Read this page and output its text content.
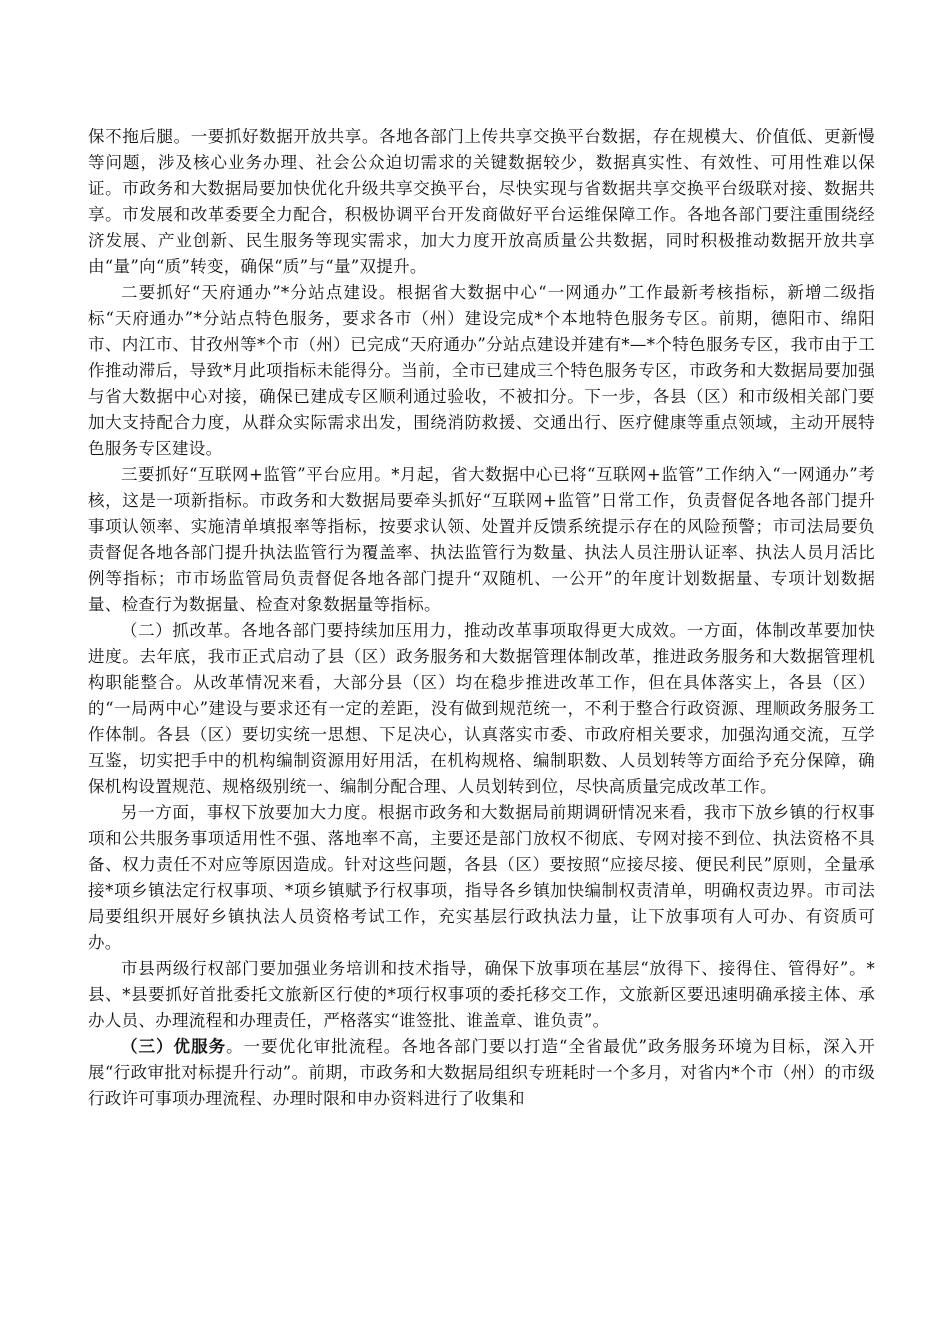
保不拖后腿。一要抓好数据开放共享。各地各部门上传共享交换平台数据，存在规模大、价值低、更新慢等问题，涉及核心业务办理、社会公众迫切需求的关键数据较少，数据真实性、有效性、可用性难以保证。市政务和大数据局要加快优化升级共享交换平台，尽快实现与省数据共享交换平台级联对接、数据共享。市发展和改革委要全力配合，积极协调平台开发商做好平台运维保障工作。各地各部门要注重围绕经济发展、产业创新、民生服务等现实需求，加大力度开放高质量公共数据，同时积极推动数据开放共享由“量”向“质”转变，确保“质”与“量”双提升。

二要抓好“天府通办”*分站点建设。根据省大数据中心“一网通办”工作最新考核指标，新增二级指标“天府通办”*分站点特色服务，要求各市（州）建设完成*个本地特色服务专区。前期，德阳市、绵阳市、内江市、甘孜州等*个市（州）已完成“天府通办”分站点建设并建有*—*个特色服务专区，我市由于工作推动滞后，导致*月此项指标未能得分。当前，全市已建成三个特色服务专区，市政务和大数据局要加强与省大数据中心对接，确保已建成专区顺利通过验收，不被扣分。下一步，各县（区）和市级相关部门要加大支持配合力度，从群众实际需求出发，围绕消防救援、交通出行、医疗健康等重点领域，主动开展特色服务专区建设。

三要抓好“互联网+监管”平台应用。*月起，省大数据中心已将“互联网+监管”工作纳入“一网通办”考核，这是一项新指标。市政务和大数据局要牵头抓好“互联网+监管”日常工作，负责督促各地各部门提升事项认领率、实施清单填报率等指标，按要求认领、处置并反馈系统提示存在的风险预警；市司法局要负责督促各地各部门提升执法监管行为覆盖率、执法监管行为数量、执法人员注册认证率、执法人员月活比例等指标；市市场监管局负责督促各地各部门提升“双随机、一公开”的年度计划数据量、专项计划数据量、检查行为数据量、检查对象数据量等指标。

（二）抓改革。各地各部门要持续加压用力，推动改革事项取得更大成效。一方面，体制改革要加快进度。去年底，我市正式启动了县（区）政务服务和大数据管理体制改革，推进政务服务和大数据管理机构职能整合。从改革情况来看，大部分县（区）均在稳步推进改革工作，但在具体落实上，各县（区）的“一局两中心”建设与要求还有一定的差距，没有做到规范统一，不利于整合行政资源、理顺政务服务工作体制。各县（区）要切实统一思想、下足决心，认真落实市委、市政府相关要求，加强沟通交流，互学互鉴，切实把手中的机构编制资源用好用活，在机构规格、编制职数、人员划转等方面给予充分保障，确保机构设置规范、规格级别统一、编制分配合理、人员划转到位，尽快高质量完成改革工作。

另一方面，事权下放要加大力度。根据市政务和大数据局前期调研情况来看，我市下放乡镇的行权事项和公共服务事项适用性不强、落地率不高，主要还是部门放权不彻底、专网对接不到位、执法资格不具备、权力责任不对应等原因造成。针对这些问题，各县（区）要按照“应接尽接、便民利民”原则，全量承接*项乡镇法定行权事项、*项乡镇赋予行权事项，指导各乡镇加快编制权责清单，明确权责边界。市司法局要组织开展好乡镇执法人员资格考试工作，充实基层行政执法力量，让下放事项有人可办、有资质可办。

市县两级行权部门要加强业务培训和技术指导，确保下放事项在基层“放得下、接得住、管得好”。*县、*县要抓好首批委托文旅新区行使的*项行权事项的委托移交工作，文旅新区要迅速明确承接主体、承办人员、办理流程和办理责任，严格落实“谁签批、谁盖章、谁负责”。

（三）优服务。一要优化审批流程。各地各部门要以打造“全省最优”政务服务环境为目标，深入开展“行政审批对标提升行动”。前期，市政务和大数据局组织专班耗时一个多月，对省内*个市（州）的市级行政许可事项办理流程、办理时限和申办资料进行了收集和
